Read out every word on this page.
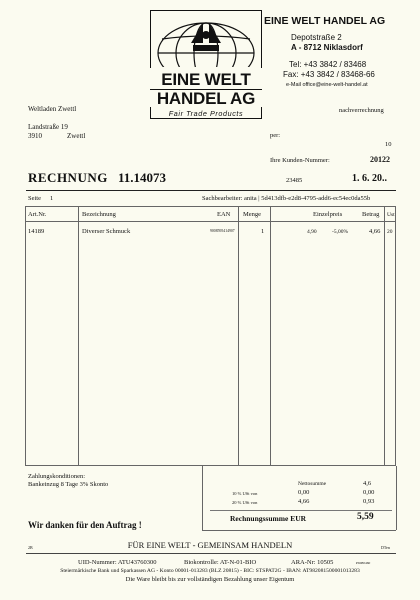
EINE WELT
HANDEL AG
Fair Trade Products
EINE WELT HANDEL AG
Depotstraße 2
A - 8712 Niklasdorf
Tel: +43 3842 / 83468
Fax: +43 3842 / 83468-66
e-Mail office@eine-welt-handel.at
Weltladen Zwettl
Landstraße 19
3910	Zwettl
nachverrechnung
per:
10
Ihre Kunden-Nummer:	20122
RECHNUNG 11.14073	23485	1. 6. 20..
Seite 1	Sachbearbeiter: anita | 5d413dfb-e2d8-4795-add6-ec54ec0da55b
Art.Nr.	Bezeichnung	EAN Menge	Einzelpreis	Betrag Ust
14189	Diverser Schmuck	9008595414907	1	4,90	-5,00%	4,66 20
Zahlungskonditionen:
Bankeinzug 8 Tage 3% Skonto	Nettosumme	4,6
10 % USt von	0,00	0,00
20 % USt von	4,66	0,93
Rechnungssumme EUR	5,59
Wir danken für den Auftrag !
2B	DTen
FÜR EINE WELT - GEMEINSAM HANDELN
UID-Nummer: ATU43760300	Biokontrolle: AT-N-01-BIO	ARA-Nr: 10505	P6080460
Steiermärkische Bank und Sparkassen AG - Konto 00001-013283 (BLZ 20815) - BIC: STSPAT2G - IBAN: AT982081500001013283
Die Ware bleibt bis zur vollständigen Bezahlung unser Eigentum
